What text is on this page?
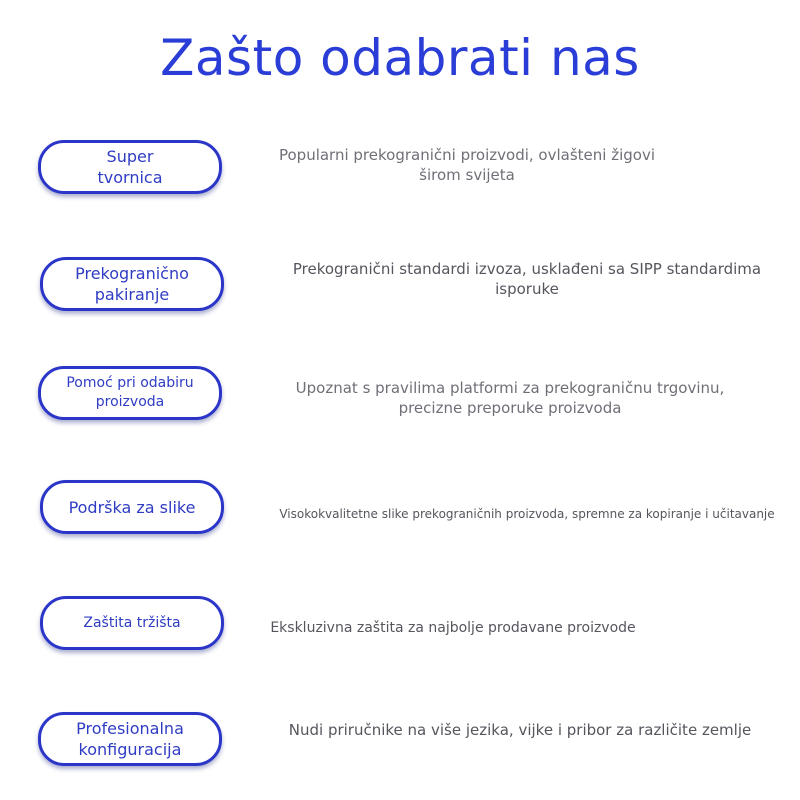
Zašto odabrati nas
Super
tvornica
Popularni prekogranični proizvodi, ovlašteni žigovi širom svijeta
Prekogranično
pakiranje
Prekogranični standardi izvoza, usklađeni sa SIPP standardima isporuke
Pomoć pri odabiru
proizvoda
Upoznat s pravilima platformi za prekograničnu trgovinu, precizne preporuke proizvoda
Podrška za slike	Visokokvalitetne slike prekograničnih proizvoda, spremne za kopiranje i učitavanje
Zaštita tržišta	Ekskluzivna zaštita za najbolje prodavane proizvode
Profesionalna
konfiguracija
Nudi priručnike na više jezika, vijke i pribor za različite zemlje
